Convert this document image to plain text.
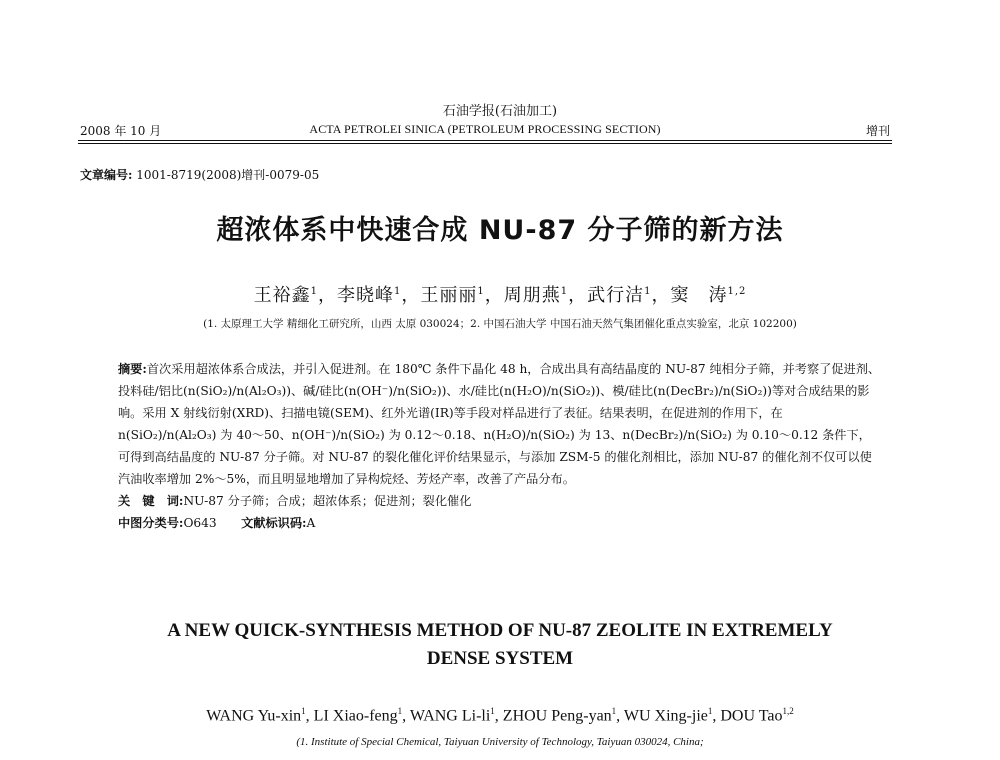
石油学报(石油加工)
2008 年 10 月	ACTA PETROLEI SINICA (PETROLEUM PROCESSING SECTION)	增刊
文章编号: 1001-8719(2008)增刊-0079-05
超浓体系中快速合成 NU-87 分子筛的新方法
王裕鑫$^1$，李晓峰$^1$，王丽丽$^1$，周朋燕$^1$，武行洁$^1$，窦　涛$^{1,2}$
(1. 太原理工大学 精细化工研究所，山西 太原 030024；2. 中国石油大学 中国石油天然气集团催化重点实验室，北京 102200)

摘要:首次采用超浓体系合成法，并引入促进剂。在 180℃ 条件下晶化 48 h，合成出具有高结晶度的 NU-87 纯相分子筛，并考察了促进剂、投料硅/铝比(n(SiO₂)/n(Al₂O₃))、碱/硅比(n(OH⁻)/n(SiO₂))、水/硅比(n(H₂O)/n(SiO₂))、模/硅比(n(DecBr₂)/n(SiO₂))等对合成结果的影响。采用 X 射线衍射(XRD)、扫描电镜(SEM)、红外光谱(IR)等手段对样品进行了表征。结果表明，在促进剂的作用下，在 n(SiO₂)/n(Al₂O₃) 为 40～50、n(OH⁻)/n(SiO₂) 为 0.12～0.18、n(H₂O)/n(SiO₂) 为 13、n(DecBr₂)/n(SiO₂) 为 0.10～0.12 条件下，可得到高结晶度的 NU-87 分子筛。对 NU-87 的裂化催化评价结果显示，与添加 ZSM-5 的催化剂相比，添加 NU-87 的催化剂不仅可以使汽油收率增加 2%～5%，而且明显地增加了异构烷烃、芳烃产率，改善了产品分布。

关　键　词:NU-87 分子筛；合成；超浓体系；促进剂；裂化催化

中图分类号:O643   文献标识码:A

A NEW QUICK-SYNTHESIS METHOD OF NU-87 ZEOLITE IN EXTREMELY
DENSE SYSTEM
WANG Yu-xin$^1$, LI Xiao-feng$^1$, WANG $Li-li^1$, ZHOU Peng-yan$^1$, WU Xing-jie$^1$, DOU Tao$^{1,2}$
(1. Institute of Special Chemical, Taiyuan University of Technology, Taiyuan 030024, China;
